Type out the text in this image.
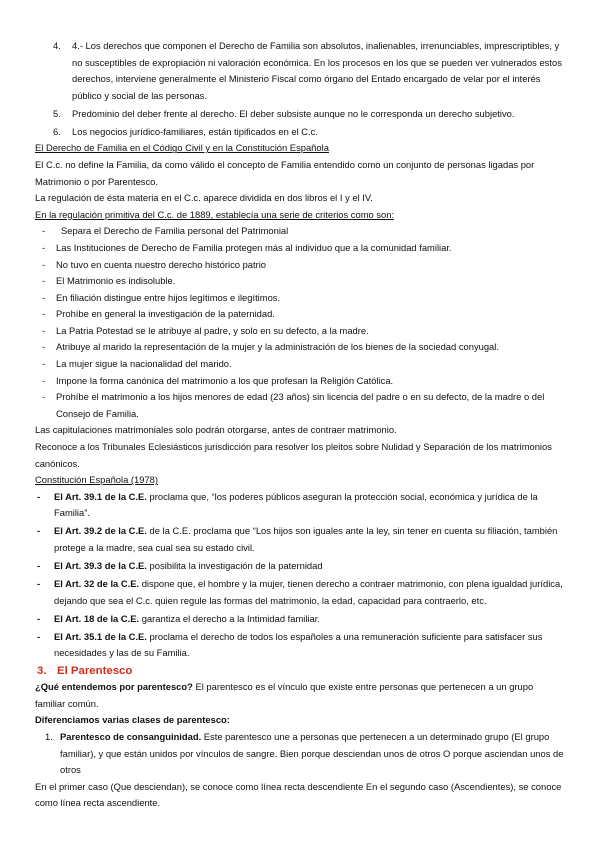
4. 4.- Los derechos que componen el Derecho de Familia son absolutos, inalienables, irrenunciables, imprescriptibles, y no susceptibles de expropiación ni valoración económica. En los procesos en los que se pueden ver vulnerados estos derechos, interviene generalmente el Ministerio Fiscal como órgano del Entado encargado de velar por el interés público y social de las personas.

5. Predominio del deber frente al derecho. El deber subsiste aunque no le corresponda un derecho subjetivo.

6. Los negocios jurídico-familiares, están tipificados en el C.c.

El Derecho de Familia en el Código Civil y en la Constitución Española

El C.c. no define la Familia, da como válido el concepto de Familia entendido como un conjunto de personas ligadas por Matrimonio o por Parentesco.

La regulación de ésta materia en el C.c. aparece dividida en dos libros el I y el IV.

En la regulación primitiva del C.c. de 1889, establecía una serie de criterios como son:

- Separa el Derecho de Familia personal del Patrimonial

- Las Instituciones de Derecho de Familia protegen más al individuo que a la comunidad familiar.

- No tuvo en cuenta nuestro derecho histórico patrio

- El Matrimonio es indisoluble.

- En filiación distingue entre hijos legítimos e ilegítimos.

- Prohíbe en general la investigación de la paternidad.

- La Patria Potestad se le atribuye al padre, y solo en su defecto, a la madre.

- Atribuye al marido la representación de la mujer y la administración de los bienes de la sociedad conyugal.

- La mujer sigue la nacionalidad del marido.

- Impone la forma canónica del matrimonio a los que profesan la Religión Católica.

- Prohíbe el matrimonio a los hijos menores de edad (23 años) sin licencia del padre o en su defecto, de la madre o del Consejo de Familia.

Las capitulaciones matrimoniales solo podrán otorgarse, antes de contraer matrimonio.

Reconoce a los Tribunales Eclesiásticos jurisdicción para resolver los pleitos sobre Nulidad y Separación de los matrimonios canónicos.

Constitución Española (1978)

- El Art. 39.1 de la C.E. proclama que, “los poderes públicos aseguran la protección social, económica y jurídica de la Familia”.

- El Art. 39.2 de la C.E. de la C.E. proclama que “Los hijos son iguales ante la ley, sin tener en cuenta su filiación, también protege a la madre, sea cual sea su estado civil.

- El Art. 39.3 de la C.E. posibilita la investigación de la paternidad

- El Art. 32 de la C.E. dispone que, el hombre y la mujer, tienen derecho a contraer matrimonio, con plena igualdad jurídica, dejando que sea el C.c. quien regule las formas del matrimonio, la edad, capacidad para contraerlo, etc.

- El Art. 18 de la C.E. garantiza el derecho a la Intimidad familiar.

- El Art. 35.1 de la C.E. proclama el derecho de todos los españoles a una remuneración suficiente para satisfacer sus necesidades y las de su Familia.

3. El Parentesco

¿Qué entendemos por parentesco? El parentesco es el vínculo que existe entre personas que pertenecen a un grupo familiar común.

Diferenciamos varias clases de parentesco:

1. Parentesco de consanguinidad. Este parentesco une a personas que pertenecen a un determinado grupo (El grupo familiar), y que están unidos por vínculos de sangre. Bien porque desciendan unos de otros O porque asciendan unos de otros

En el primer caso (Que desciendan), se conoce como línea recta descendiente En el segundo caso (Ascendientes), se conoce como línea recta ascendiente.
